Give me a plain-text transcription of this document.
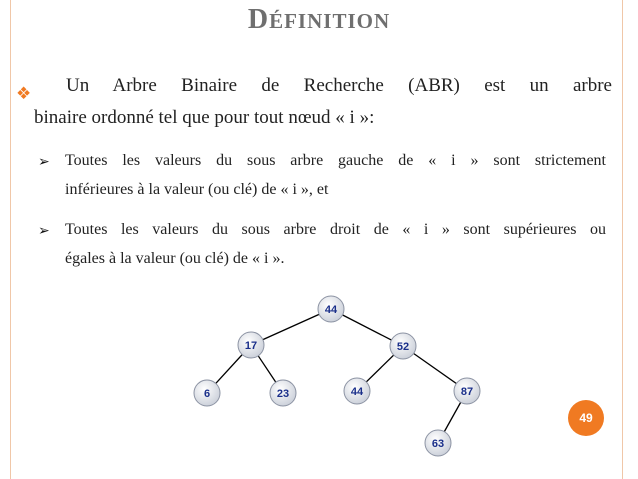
DÉFINITION
❖ Un Arbre Binaire de Recherche (ABR) est un arbre
binaire ordonné tel que pour tout nœud « i »:
➢ Toutes les valeurs du sous arbre gauche de « i » sont strictement
inférieures à la valeur (ou clé) de « i », et
➢ Toutes les valeurs du sous arbre droit de « i » sont supérieures ou
égales à la valeur (ou clé) de « i ».
44
17	52
6	23	44	87
63
49
